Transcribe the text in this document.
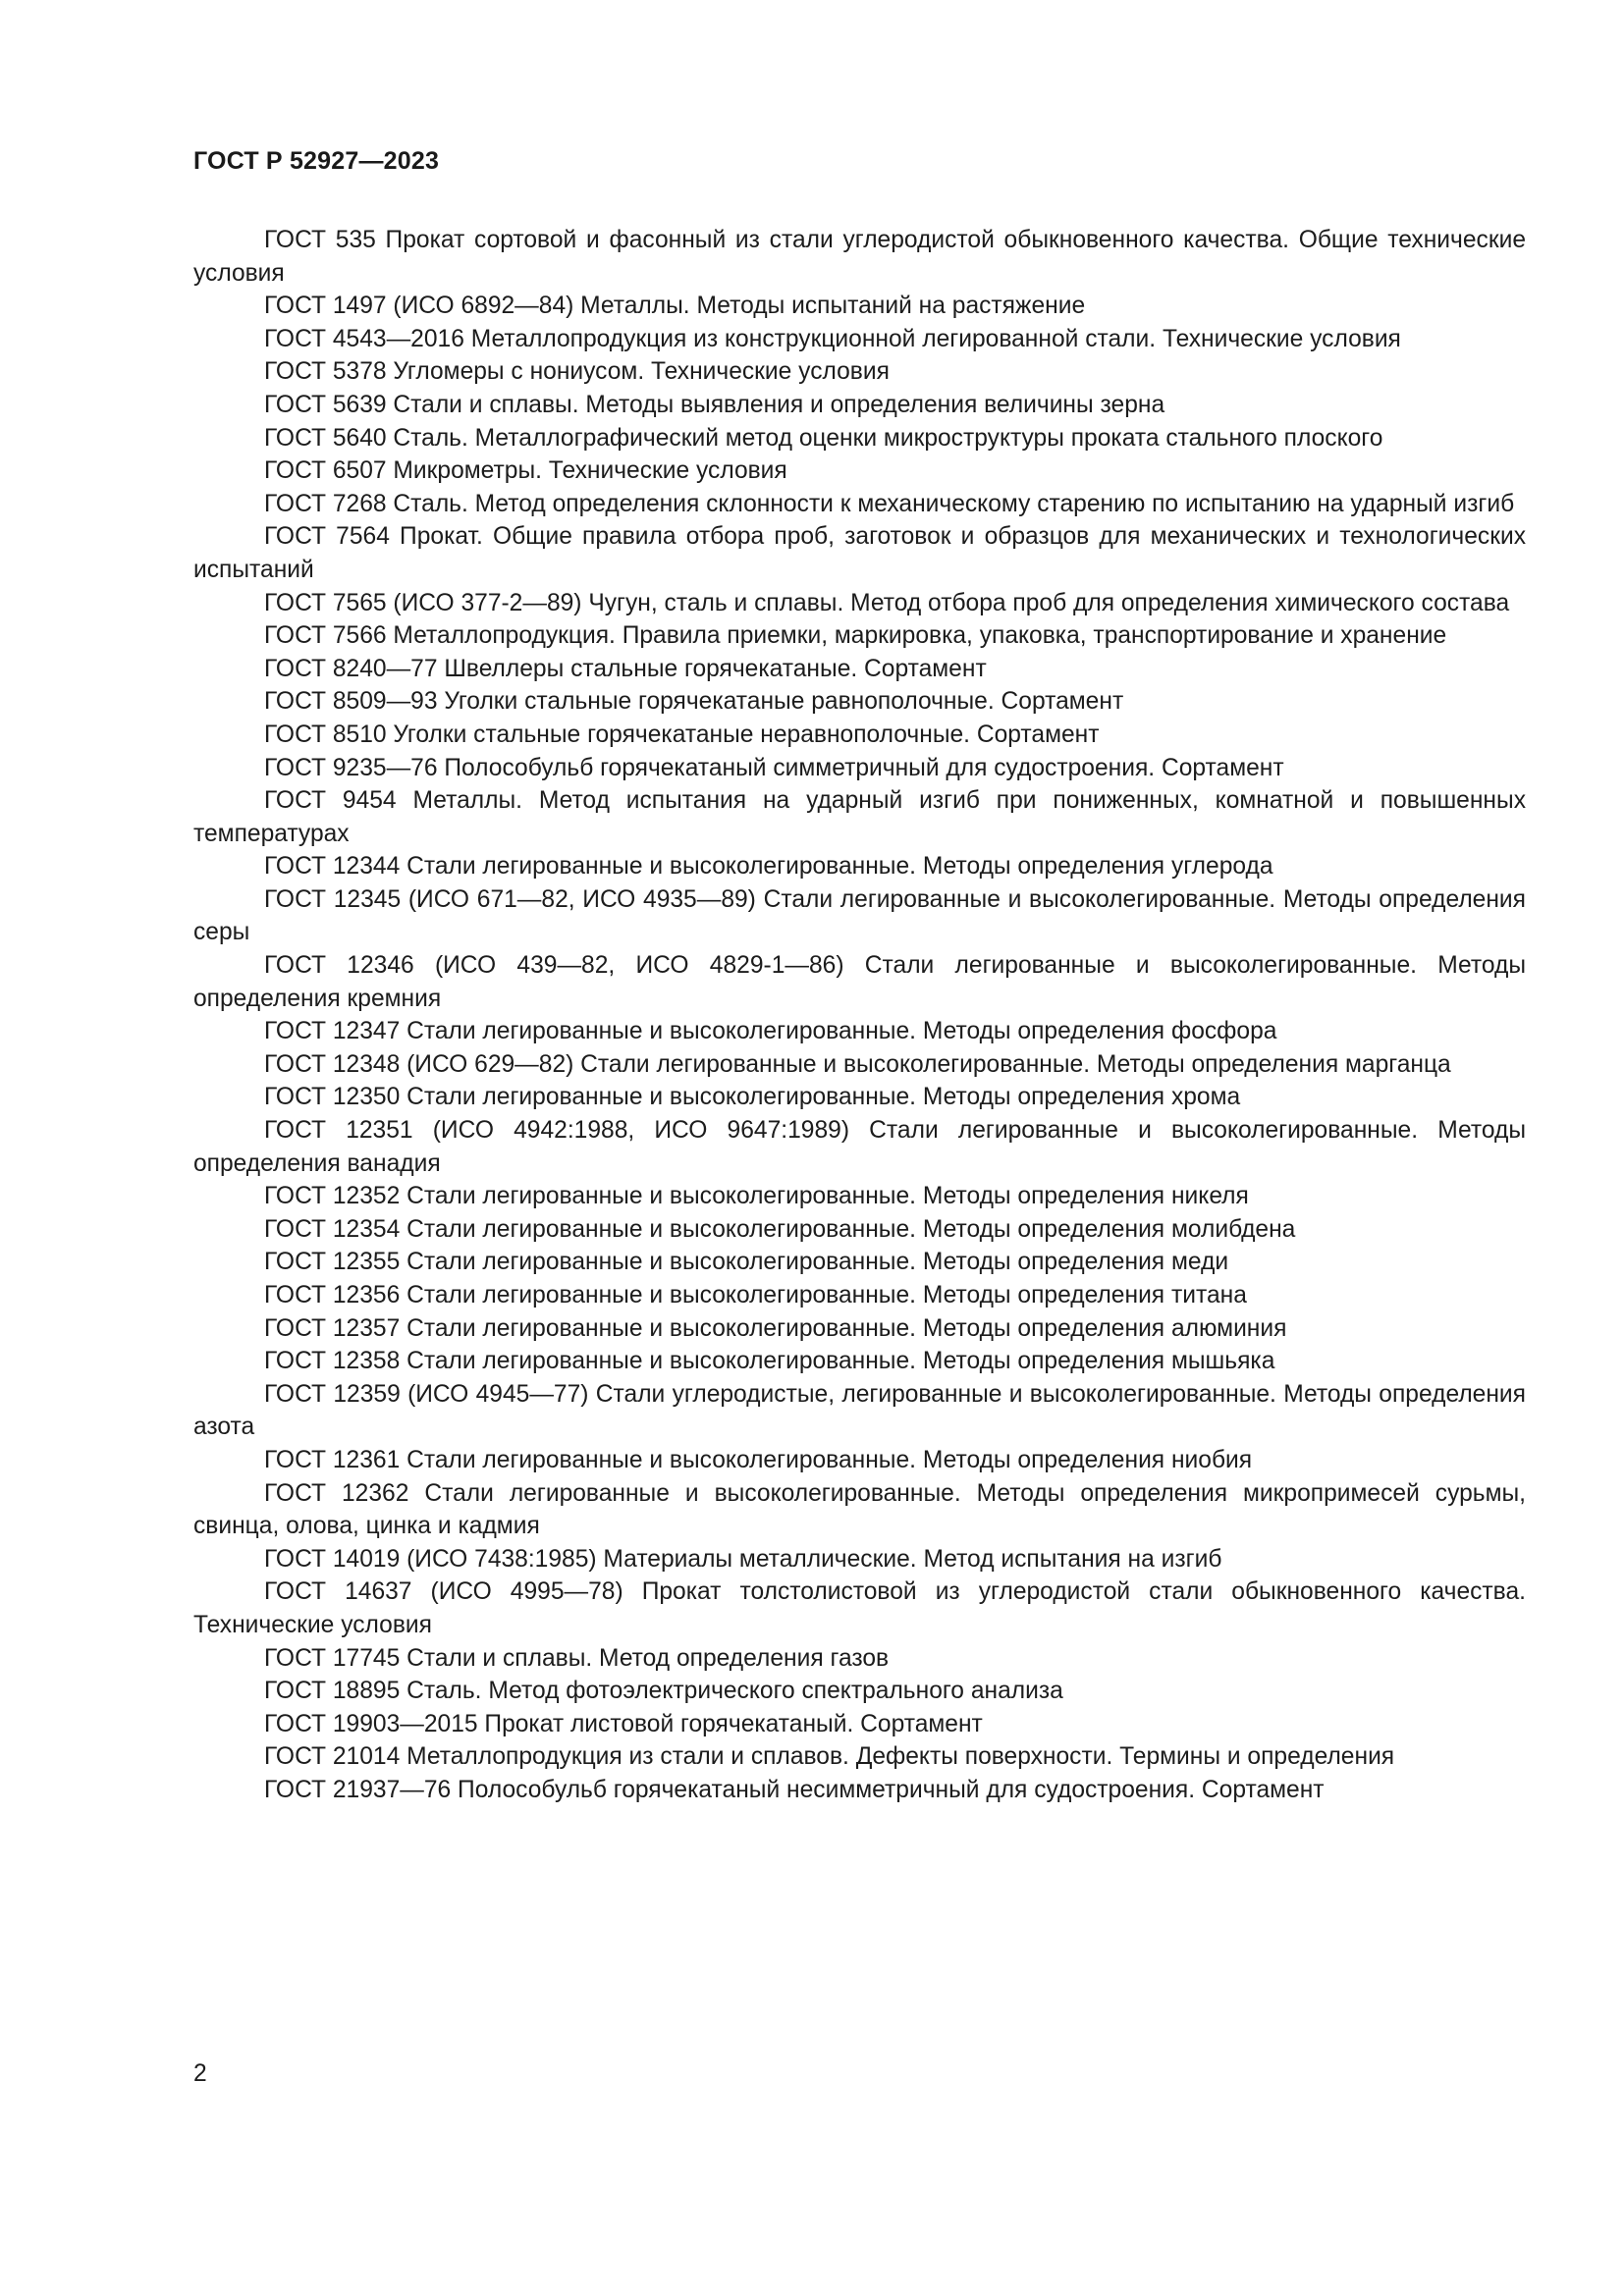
ГОСТ Р 52927—2023
ГОСТ 535 Прокат сортовой и фасонный из стали углеродистой обыкновенного качества. Общие технические условия
ГОСТ 1497 (ИСО 6892—84) Металлы. Методы испытаний на растяжение
ГОСТ 4543—2016 Металлопродукция из конструкционной легированной стали. Технические условия
ГОСТ 5378 Угломеры с нониусом. Технические условия
ГОСТ 5639 Стали и сплавы. Методы выявления и определения величины зерна
ГОСТ 5640 Сталь. Металлографический метод оценки микроструктуры проката стального плоского
ГОСТ 6507 Микрометры. Технические условия
ГОСТ 7268 Сталь. Метод определения склонности к механическому старению по испытанию на ударный изгиб
ГОСТ 7564 Прокат. Общие правила отбора проб, заготовок и образцов для механических и технологических испытаний
ГОСТ 7565 (ИСО 377-2—89) Чугун, сталь и сплавы. Метод отбора проб для определения химического состава
ГОСТ 7566 Металлопродукция. Правила приемки, маркировка, упаковка, транспортирование и хранение
ГОСТ 8240—77 Швеллеры стальные горячекатаные. Сортамент
ГОСТ 8509—93 Уголки стальные горячекатаные равнополочные. Сортамент
ГОСТ 8510 Уголки стальные горячекатаные неравнополочные. Сортамент
ГОСТ 9235—76 Полособульб горячекатаный симметричный для судостроения. Сортамент
ГОСТ 9454 Металлы. Метод испытания на ударный изгиб при пониженных, комнатной и повышенных температурах
ГОСТ 12344 Стали легированные и высоколегированные. Методы определения углерода
ГОСТ 12345 (ИСО 671—82, ИСО 4935—89) Стали легированные и высоколегированные. Методы определения серы
ГОСТ 12346 (ИСО 439—82, ИСО 4829-1—86) Стали легированные и высоколегированные. Методы определения кремния
ГОСТ 12347 Стали легированные и высоколегированные. Методы определения фосфора
ГОСТ 12348 (ИСО 629—82) Стали легированные и высоколегированные. Методы определения марганца
ГОСТ 12350 Стали легированные и высоколегированные. Методы определения хрома
ГОСТ 12351 (ИСО 4942:1988, ИСО 9647:1989) Стали легированные и высоколегированные. Методы определения ванадия
ГОСТ 12352 Стали легированные и высоколегированные. Методы определения никеля
ГОСТ 12354 Стали легированные и высоколегированные. Методы определения молибдена
ГОСТ 12355 Стали легированные и высоколегированные. Методы определения меди
ГОСТ 12356 Стали легированные и высоколегированные. Методы определения титана
ГОСТ 12357 Стали легированные и высоколегированные. Методы определения алюминия
ГОСТ 12358 Стали легированные и высоколегированные. Методы определения мышьяка
ГОСТ 12359 (ИСО 4945—77) Стали углеродистые, легированные и высоколегированные. Методы определения азота
ГОСТ 12361 Стали легированные и высоколегированные. Методы определения ниобия
ГОСТ 12362 Стали легированные и высоколегированные. Методы определения микропримесей сурьмы, свинца, олова, цинка и кадмия
ГОСТ 14019 (ИСО 7438:1985) Материалы металлические. Метод испытания на изгиб
ГОСТ 14637 (ИСО 4995—78) Прокат толстолистовой из углеродистой стали обыкновенного качества. Технические условия
ГОСТ 17745 Стали и сплавы. Метод определения газов
ГОСТ 18895 Сталь. Метод фотоэлектрического спектрального анализа
ГОСТ 19903—2015 Прокат листовой горячекатаный. Сортамент
ГОСТ 21014 Металлопродукция из стали и сплавов. Дефекты поверхности. Термины и определения
ГОСТ 21937—76 Полособульб горячекатаный несимметричный для судостроения. Сортамент
2
